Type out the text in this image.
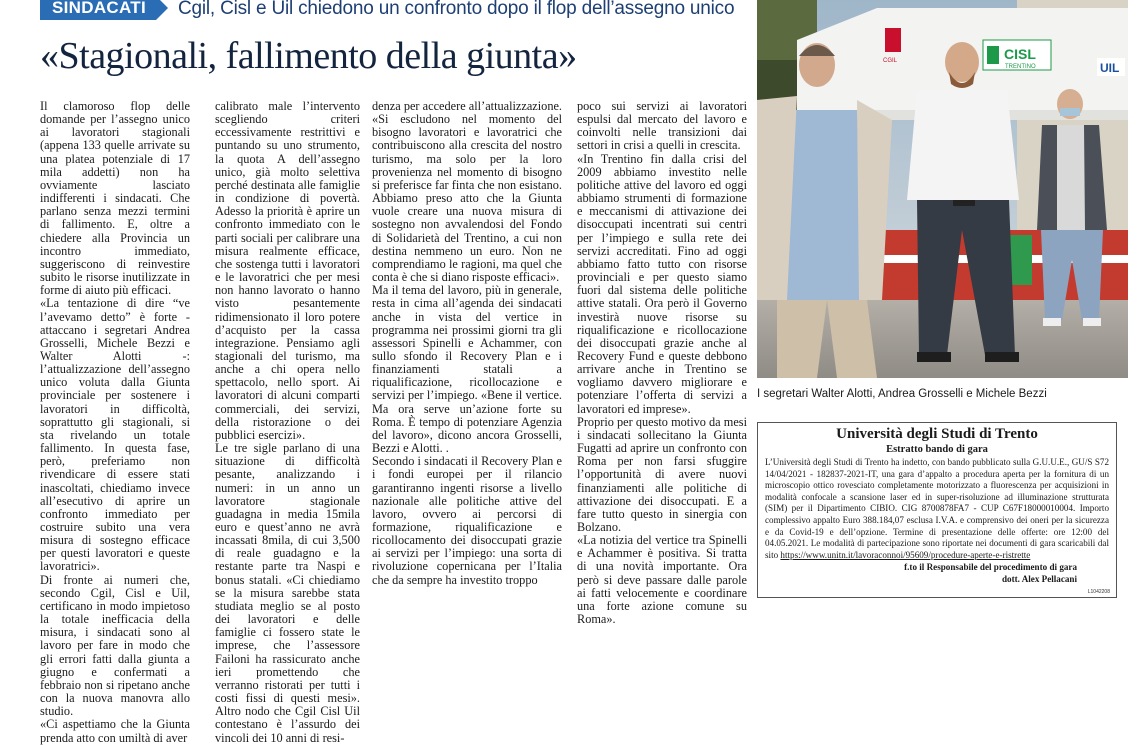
SINDACATI	Cgil, Cisl e Uil chiedono un confronto dopo il flop dell’assegno unico
«Stagionali, fallimento della giunta»

Il clamoroso flop delle domande per l’assegno unico ai lavoratori stagionali (appena 133 quelle arrivate su una platea potenziale di 17 mila addetti) non ha ovviamente lasciato indifferenti i sindacati. Che parlano senza mezzi termini di fallimento. E, oltre a chiedere alla Provincia un incontro immediato, suggeriscono di reinvestire subito le risorse inutilizzate in forme di aiuto più efficaci.

«La tentazione di dire “ve l’avevamo detto” è forte - attaccano i segretari Andrea Grosselli, Michele Bezzi e Walter Alotti -: l’attualizzazione dell’assegno unico voluta dalla Giunta provinciale per sostenere i lavoratori in difficoltà, soprattutto gli stagionali, si sta rivelando un totale fallimento. In questa fase, però, preferiamo non rivendicare di essere stati inascoltati, chiediamo invece all’esecutivo di aprire un confronto immediato per costruire subito una vera misura di sostegno efficace per questi lavoratori e queste lavoratrici».

Di fronte ai numeri che, secondo Cgil, Cisl e Uil, certificano in modo impietoso la totale inefficacia della misura, i sindacati sono al lavoro per fare in modo che gli errori fatti dalla giunta a giugno e confermati a febbraio non si ripetano anche con la nuova manovra allo studio.

«Ci aspettiamo che la Giunta prenda atto con umiltà di aver

calibrato male l’intervento scegliendo criteri eccessivamente restrittivi e puntando su uno strumento, la quota A dell’assegno unico, già molto selettiva perché destinata alle famiglie in condizione di povertà. Adesso la priorità è aprire un confronto immediato con le parti sociali per calibrare una misura realmente efficace, che sostenga tutti i lavoratori e le lavoratrici che per mesi non hanno lavorato o hanno visto pesantemente ridimensionato il loro potere d’acquisto per la cassa integrazione. Pensiamo agli stagionali del turismo, ma anche a chi opera nello spettacolo, nello sport. Ai lavoratori di alcuni comparti commerciali, dei servizi, della ristorazione o dei pubblici esercizi».

Le tre sigle parlano di una situazione di difficoltà pesante, analizzando i numeri: in un anno un lavoratore stagionale guadagna in media 15mila euro e quest’anno ne avrà incassati 8mila, di cui 3,500 di reale guadagno e la restante parte tra Naspi e bonus statali. «Ci chiediamo se la misura sarebbe stata studiata meglio se al posto dei lavoratori e delle famiglie ci fossero state le imprese, che l’assessore Failoni ha rassicurato anche ieri promettendo che verranno ristorati per tutti i costi fissi di questi mesi». Altro nodo che Cgil Cisl Uil contestano è l’assurdo dei vincoli dei 10 anni di resi-

denza per accedere all’attualizzazione. «Si escludono nel momento del bisogno lavoratori e lavoratrici che contribuiscono alla crescita del nostro turismo, ma solo per la loro provenienza nel momento di bisogno si preferisce far finta che non esistano. Abbiamo preso atto che la Giunta vuole creare una nuova misura di sostegno non avvalendosi del Fondo di Solidarietà del Trentino, a cui non destina nemmeno un euro. Non ne comprendiamo le ragioni, ma quel che conta è che si diano risposte efficaci».

Ma il tema del lavoro, più in generale, resta in cima all’agenda dei sindacati anche in vista del vertice in programma nei prossimi giorni tra gli assessori Spinelli e Achammer, con sullo sfondo il Recovery Plan e i finanziamenti statali a riqualificazione, ricollocazione e servizi per l’impiego. «Bene il vertice. Ma ora serve un’azione forte su Roma. È tempo di potenziare Agenzia del lavoro», dicono ancora Grosselli, Bezzi e Alotti. .

Secondo i sindacati il Recovery Plan e i fondi europei per il rilancio garantiranno ingenti risorse a livello nazionale alle politiche attive del lavoro, ovvero ai percorsi di formazione, riqualificazione e ricollocamento dei disoccupati grazie ai servizi per l’impiego: una sorta di rivoluzione copernicana per l’Italia che da sempre ha investito troppo

poco sui servizi ai lavoratori espulsi dal mercato del lavoro e coinvolti nelle transizioni dai settori in crisi a quelli in crescita.

«In Trentino fin dalla crisi del 2009 abbiamo investito nelle politiche attive del lavoro ed oggi abbiamo strumenti di formazione e meccanismi di attivazione dei disoccupati incentrati sui centri per l’impiego e sulla rete dei servizi accreditati. Fino ad oggi abbiamo fatto tutto con risorse provinciali e per questo siamo fuori dal sistema delle politiche attive statali. Ora però il Governo investirà nuove risorse su riqualificazione e ricollocazione dei disoccupati grazie anche al Recovery Fund e queste debbono arrivare anche in Trentino se vogliamo davvero migliorare e potenziare l’offerta di servizi a lavoratori ed imprese».

Proprio per questo motivo da mesi i sindacati sollecitano la Giunta Fugatti ad aprire un confronto con Roma per non farsi sfuggire l’opportunità di avere nuovi finanziamenti alle politiche di attivazione dei disoccupati. E a fare tutto questo in sinergia con Bolzano.

«La notizia del vertice tra Spinelli e Achammer è positiva. Si tratta di una novità importante. Ora però si deve passare dalle parole ai fatti velocemente e coordinare una forte azione comune su Roma».

CISL
TRENTINO
CGIL	UIL
I segretari Walter Alotti, Andrea Grosselli e Michele Bezzi
Università degli Studi di Trento
Estratto bando di gara
L’Università degli Studi di Trento ha indetto, con bando pubblicato sulla G.U.U.E., GU/S S72 14/04/2021 - 182837-2021-IT, una gara d’appalto a procedura aperta per la fornitura di un microscopio ottico rovesciato completamente motorizzato a fluorescenza per acquisizioni in modalità confocale a scansione laser ed in super-risoluzione ad illuminazione strutturata (SIM) per il Dipartimento CIBIO. CIG 8700878FA7 - CUP C67F18000010004. Importo complessivo appalto Euro 388.184,07 esclusa I.V.A. e comprensivo dei oneri per la sicurezza e da Covid-19 e dell’opzione. Termine di presentazione delle offerte: ore 12:00 del 04.05.2021. Le modalità di partecipazione sono riportate nei documenti di gara scaricabili dal sito https://www.unitn.it/lavoraconnoi/95609/procedure-aperte-e-ristrette
f.to il Responsabile del procedimento di gara
dott. Alex Pellacani
L1042208
